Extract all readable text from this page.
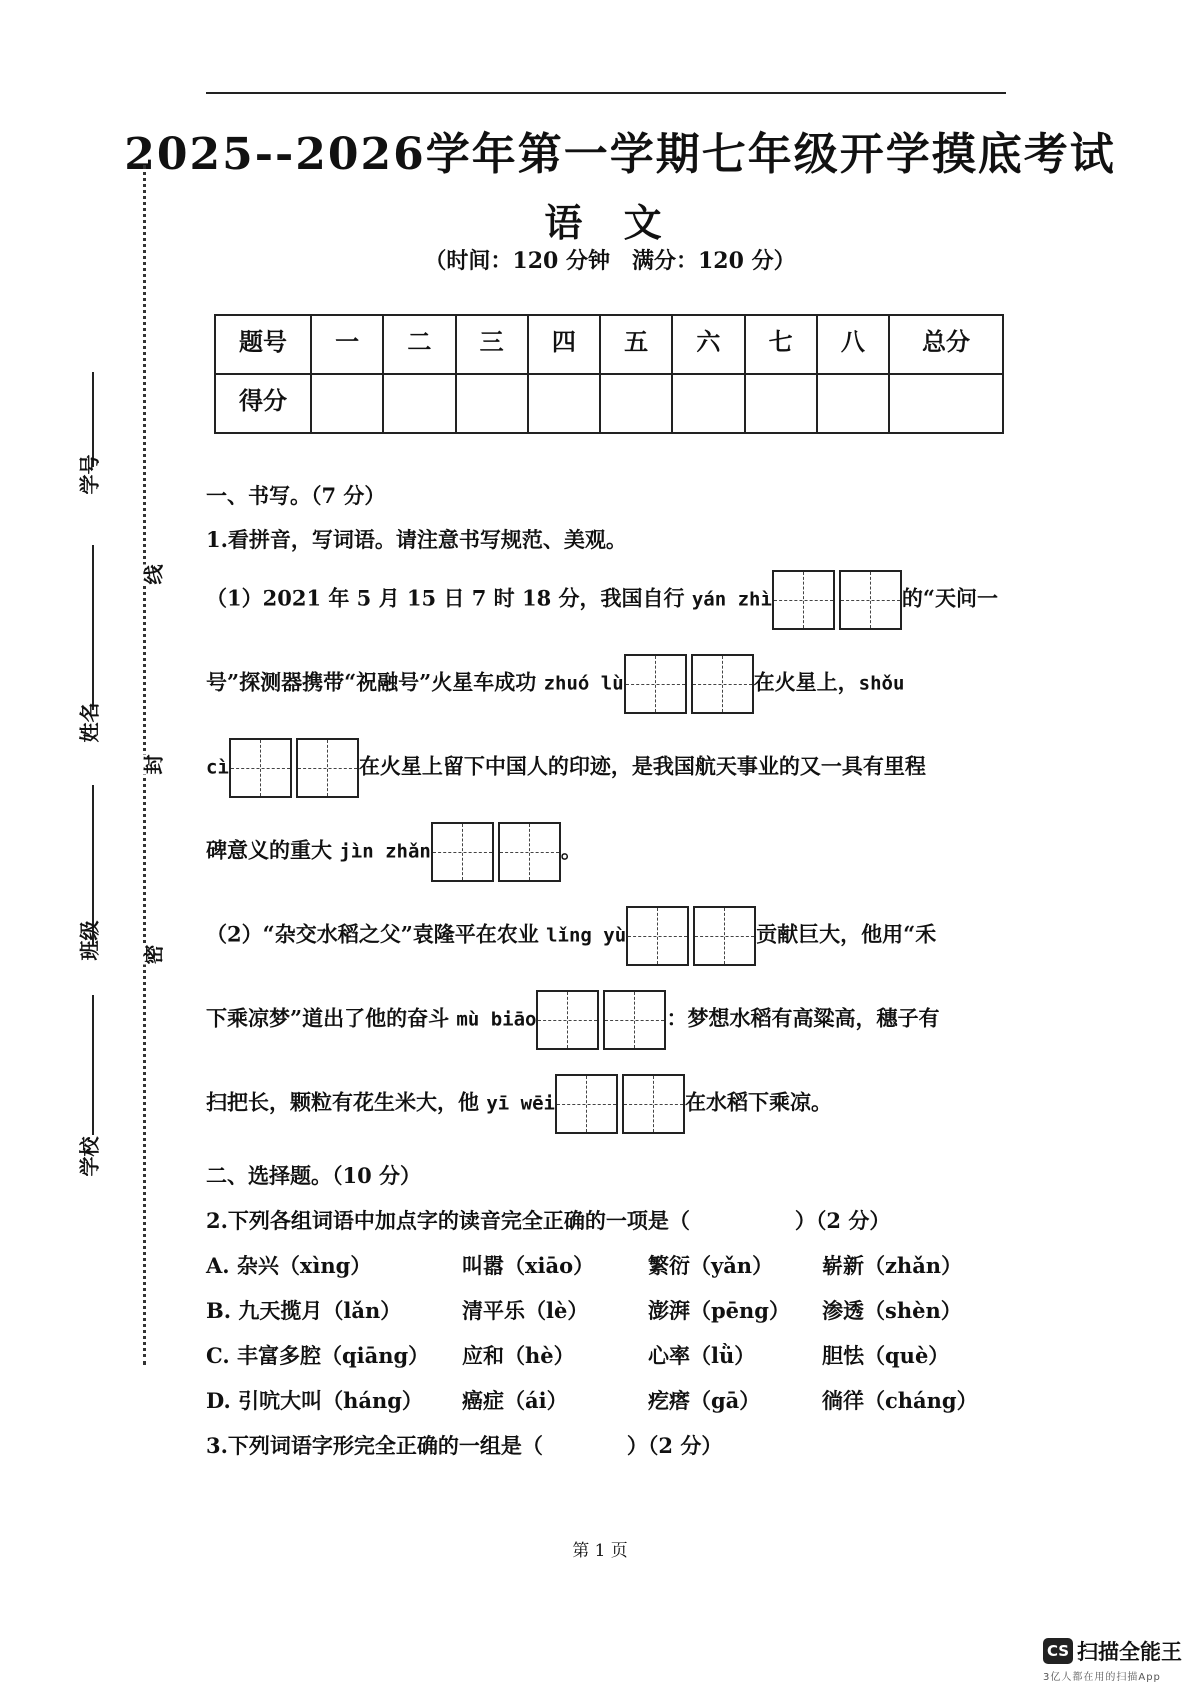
2025--2026学年第一学期七年级开学摸底考试
语 文
（时间：120 分钟　满分：120 分）
题号	一	二	三	四	五	六	七	八	总分
得分									
线
封
密
学号
姓名
班级
学校
一、书写。（7 分）
1.看拼音，写词语。请注意书写规范、美观。
（1）2021 年 5 月 15 日 7 时 18 分，我国自行 yán zhì	的“天问一
号”探测器携带“祝融号”火星车成功 zhuó lù	在火星上，shǒu
cì	在火星上留下中国人的印迹，是我国航天事业的又一具有里程
碑意义的重大 jìn zhǎn	。
（2）“杂交水稻之父”袁隆平在农业 lǐng yù	贡献巨大，他用“禾
下乘凉梦”道出了他的奋斗 mù biāo	：梦想水稻有高粱高，穗子有
扫把长，颗粒有花生米大，他 yī wēi	在水稻下乘凉。
二、选择题。（10 分）
2.下列各组词语中加点字的读音完全正确的一项是（　　　　　）（2 分）
A. 杂兴（xìng）	叫嚣（xiāo）	繁衍（yǎn） 崭新（zhǎn）
B. 九天揽月（lǎn）	清平乐（lè）	澎湃（pēng） 渗透（shèn）
C. 丰富多腔（qiāng） 应和（hè）	心率（lǜ）	胆怯（què）
D. 引吭大叫（háng） 癌症（ái）	疙瘩（gā）	徜徉（cháng）
3.下列词语字形完全正确的一组是（　　　　）（2 分）
第 1 页
CS 扫描全能王
3亿人都在用的扫描App
